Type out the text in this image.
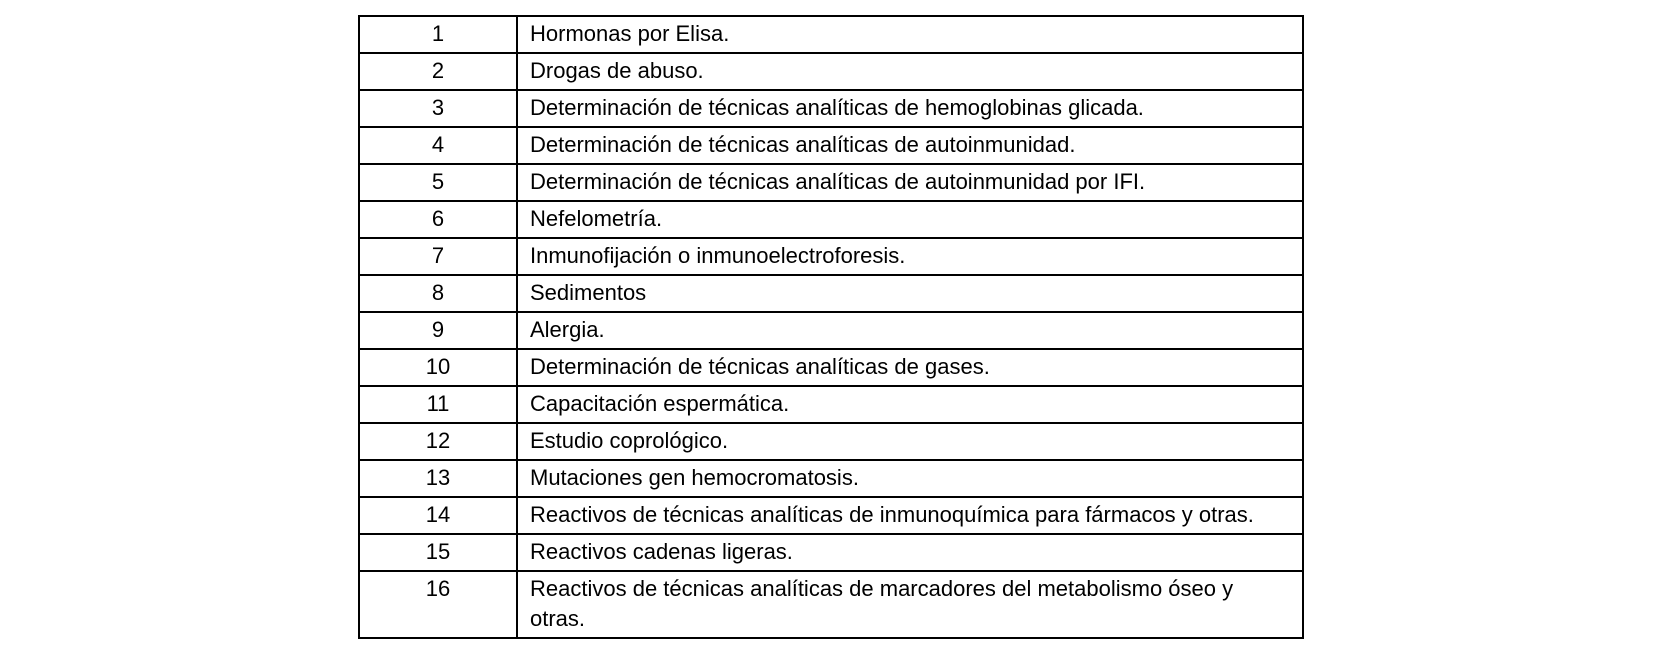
1	Hormonas por Elisa.
2	Drogas de abuso.
3	Determinación de técnicas analíticas de hemoglobinas glicada.
4	Determinación de técnicas analíticas de autoinmunidad.
5	Determinación de técnicas analíticas de autoinmunidad por IFI.
6	Nefelometría.
7	Inmunofijación o inmunoelectroforesis.
8	Sedimentos
9	Alergia.
10	Determinación de técnicas analíticas de gases.
11	Capacitación espermática.
12	Estudio coprológico.
13	Mutaciones gen hemocromatosis.
14	Reactivos de técnicas analíticas de inmunoquímica para fármacos y otras.
15	Reactivos cadenas ligeras.
16	Reactivos de técnicas analíticas de marcadores del metabolismo óseo y otras.
